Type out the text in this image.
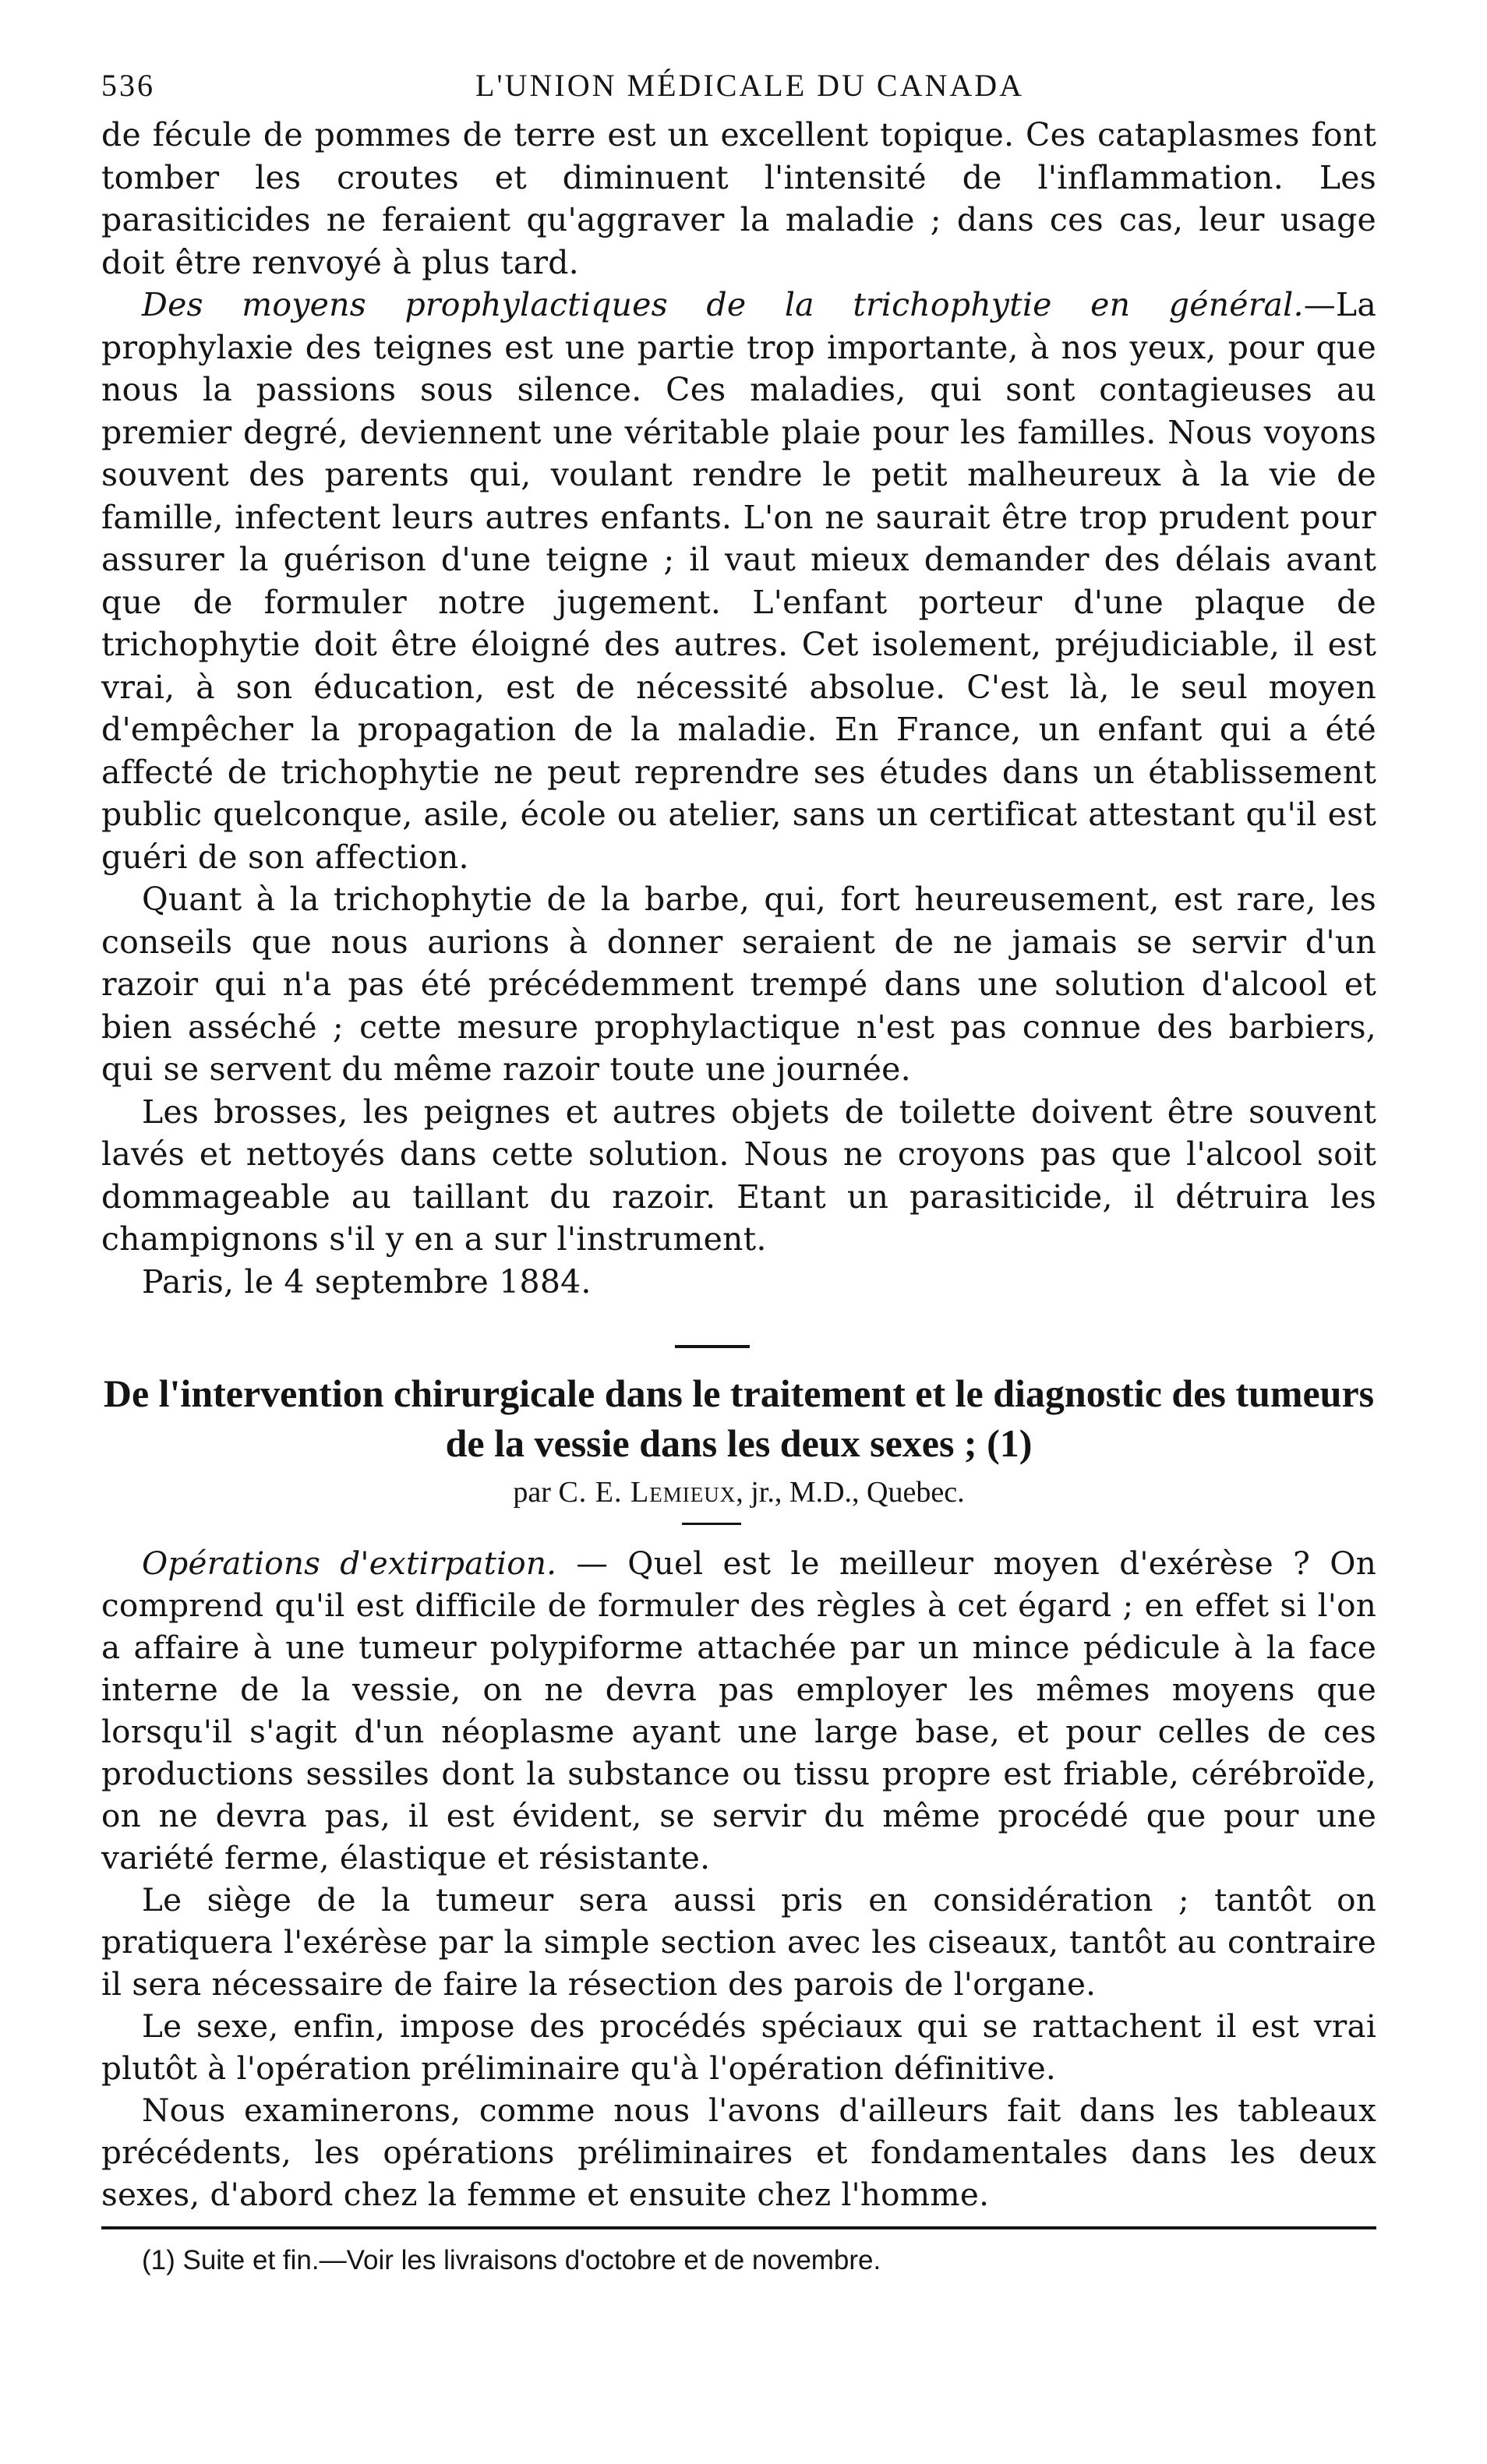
536	L'UNION MÉDICALE DU CANADA

de fécule de pommes de terre est un excellent topique. Ces cataplasmes font tomber les croutes et diminuent l'intensité de l'inflammation. Les parasiticides ne feraient qu'aggraver la maladie ; dans ces cas, leur usage doit être renvoyé à plus tard.

Des moyens prophylactiques de la trichophytie en général.—La prophylaxie des teignes est une partie trop importante, à nos yeux, pour que nous la passions sous silence. Ces maladies, qui sont contagieuses au premier degré, deviennent une véritable plaie pour les familles. Nous voyons souvent des parents qui, voulant rendre le petit malheureux à la vie de famille, infectent leurs autres enfants. L'on ne saurait être trop prudent pour assurer la guérison d'une teigne ; il vaut mieux demander des délais avant que de formuler notre jugement. L'enfant porteur d'une plaque de trichophytie doit être éloigné des autres. Cet isolement, préjudiciable, il est vrai, à son éducation, est de nécessité absolue. C'est là, le seul moyen d'empêcher la propagation de la maladie. En France, un enfant qui a été affecté de trichophytie ne peut reprendre ses études dans un établissement public quelconque, asile, école ou atelier, sans un certificat attestant qu'il est guéri de son affection.

Quant à la trichophytie de la barbe, qui, fort heureusement, est rare, les conseils que nous aurions à donner seraient de ne jamais se servir d'un razoir qui n'a pas été précédemment trempé dans une solution d'alcool et bien asséché ; cette mesure prophylactique n'est pas connue des barbiers, qui se servent du même razoir toute une journée.

Les brosses, les peignes et autres objets de toilette doivent être souvent lavés et nettoyés dans cette solution. Nous ne croyons pas que l'alcool soit dommageable au taillant du razoir. Etant un parasiticide, il détruira les champignons s'il y en a sur l'instrument.

Paris, le 4 septembre 1884.

De l'intervention chirurgicale dans le traitement et le diagnostic des tumeurs de la vessie dans les deux sexes ; (1)

par C. E. Lemieux, jr., M.D., Quebec.

Opérations d'extirpation. — Quel est le meilleur moyen d'exérèse ? On comprend qu'il est difficile de formuler des règles à cet égard ; en effet si l'on a affaire à une tumeur polypiforme attachée par un mince pédicule à la face interne de la vessie, on ne devra pas employer les mêmes moyens que lorsqu'il s'agit d'un néoplasme ayant une large base, et pour celles de ces productions sessiles dont la substance ou tissu propre est friable, cérébroïde, on ne devra pas, il est évident, se servir du même procédé que pour une variété ferme, élastique et résistante.

Le siège de la tumeur sera aussi pris en considération ; tantôt on pratiquera l'exérèse par la simple section avec les ciseaux, tantôt au contraire il sera nécessaire de faire la résection des parois de l'organe.

Le sexe, enfin, impose des procédés spéciaux qui se rattachent il est vrai plutôt à l'opération préliminaire qu'à l'opération définitive.

Nous examinerons, comme nous l'avons d'ailleurs fait dans les tableaux précédents, les opérations préliminaires et fondamentales dans les deux sexes, d'abord chez la femme et ensuite chez l'homme.

(1) Suite et fin.—Voir les livraisons d'octobre et de novembre.
